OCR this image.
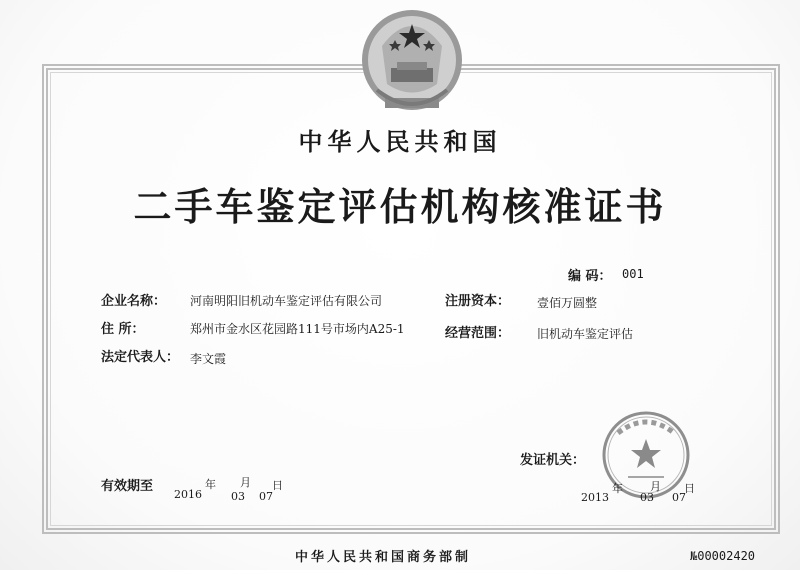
中华人民共和国
二手车鉴定评估机构核准证书
编 码： 001
企业名称： 河南明阳旧机动车鉴定评估有限公司
住 所：	郑州市金水区花园路111号市场内A25-1
法定代表人： 李文霞
注册资本： 壹佰万圆整
经营范围： 旧机动车鉴定评估
发证机关：
有效期至
2016
年
03
月
07
日
2013
年
03
月
07
日
中华人民共和国商务部制	№00002420
